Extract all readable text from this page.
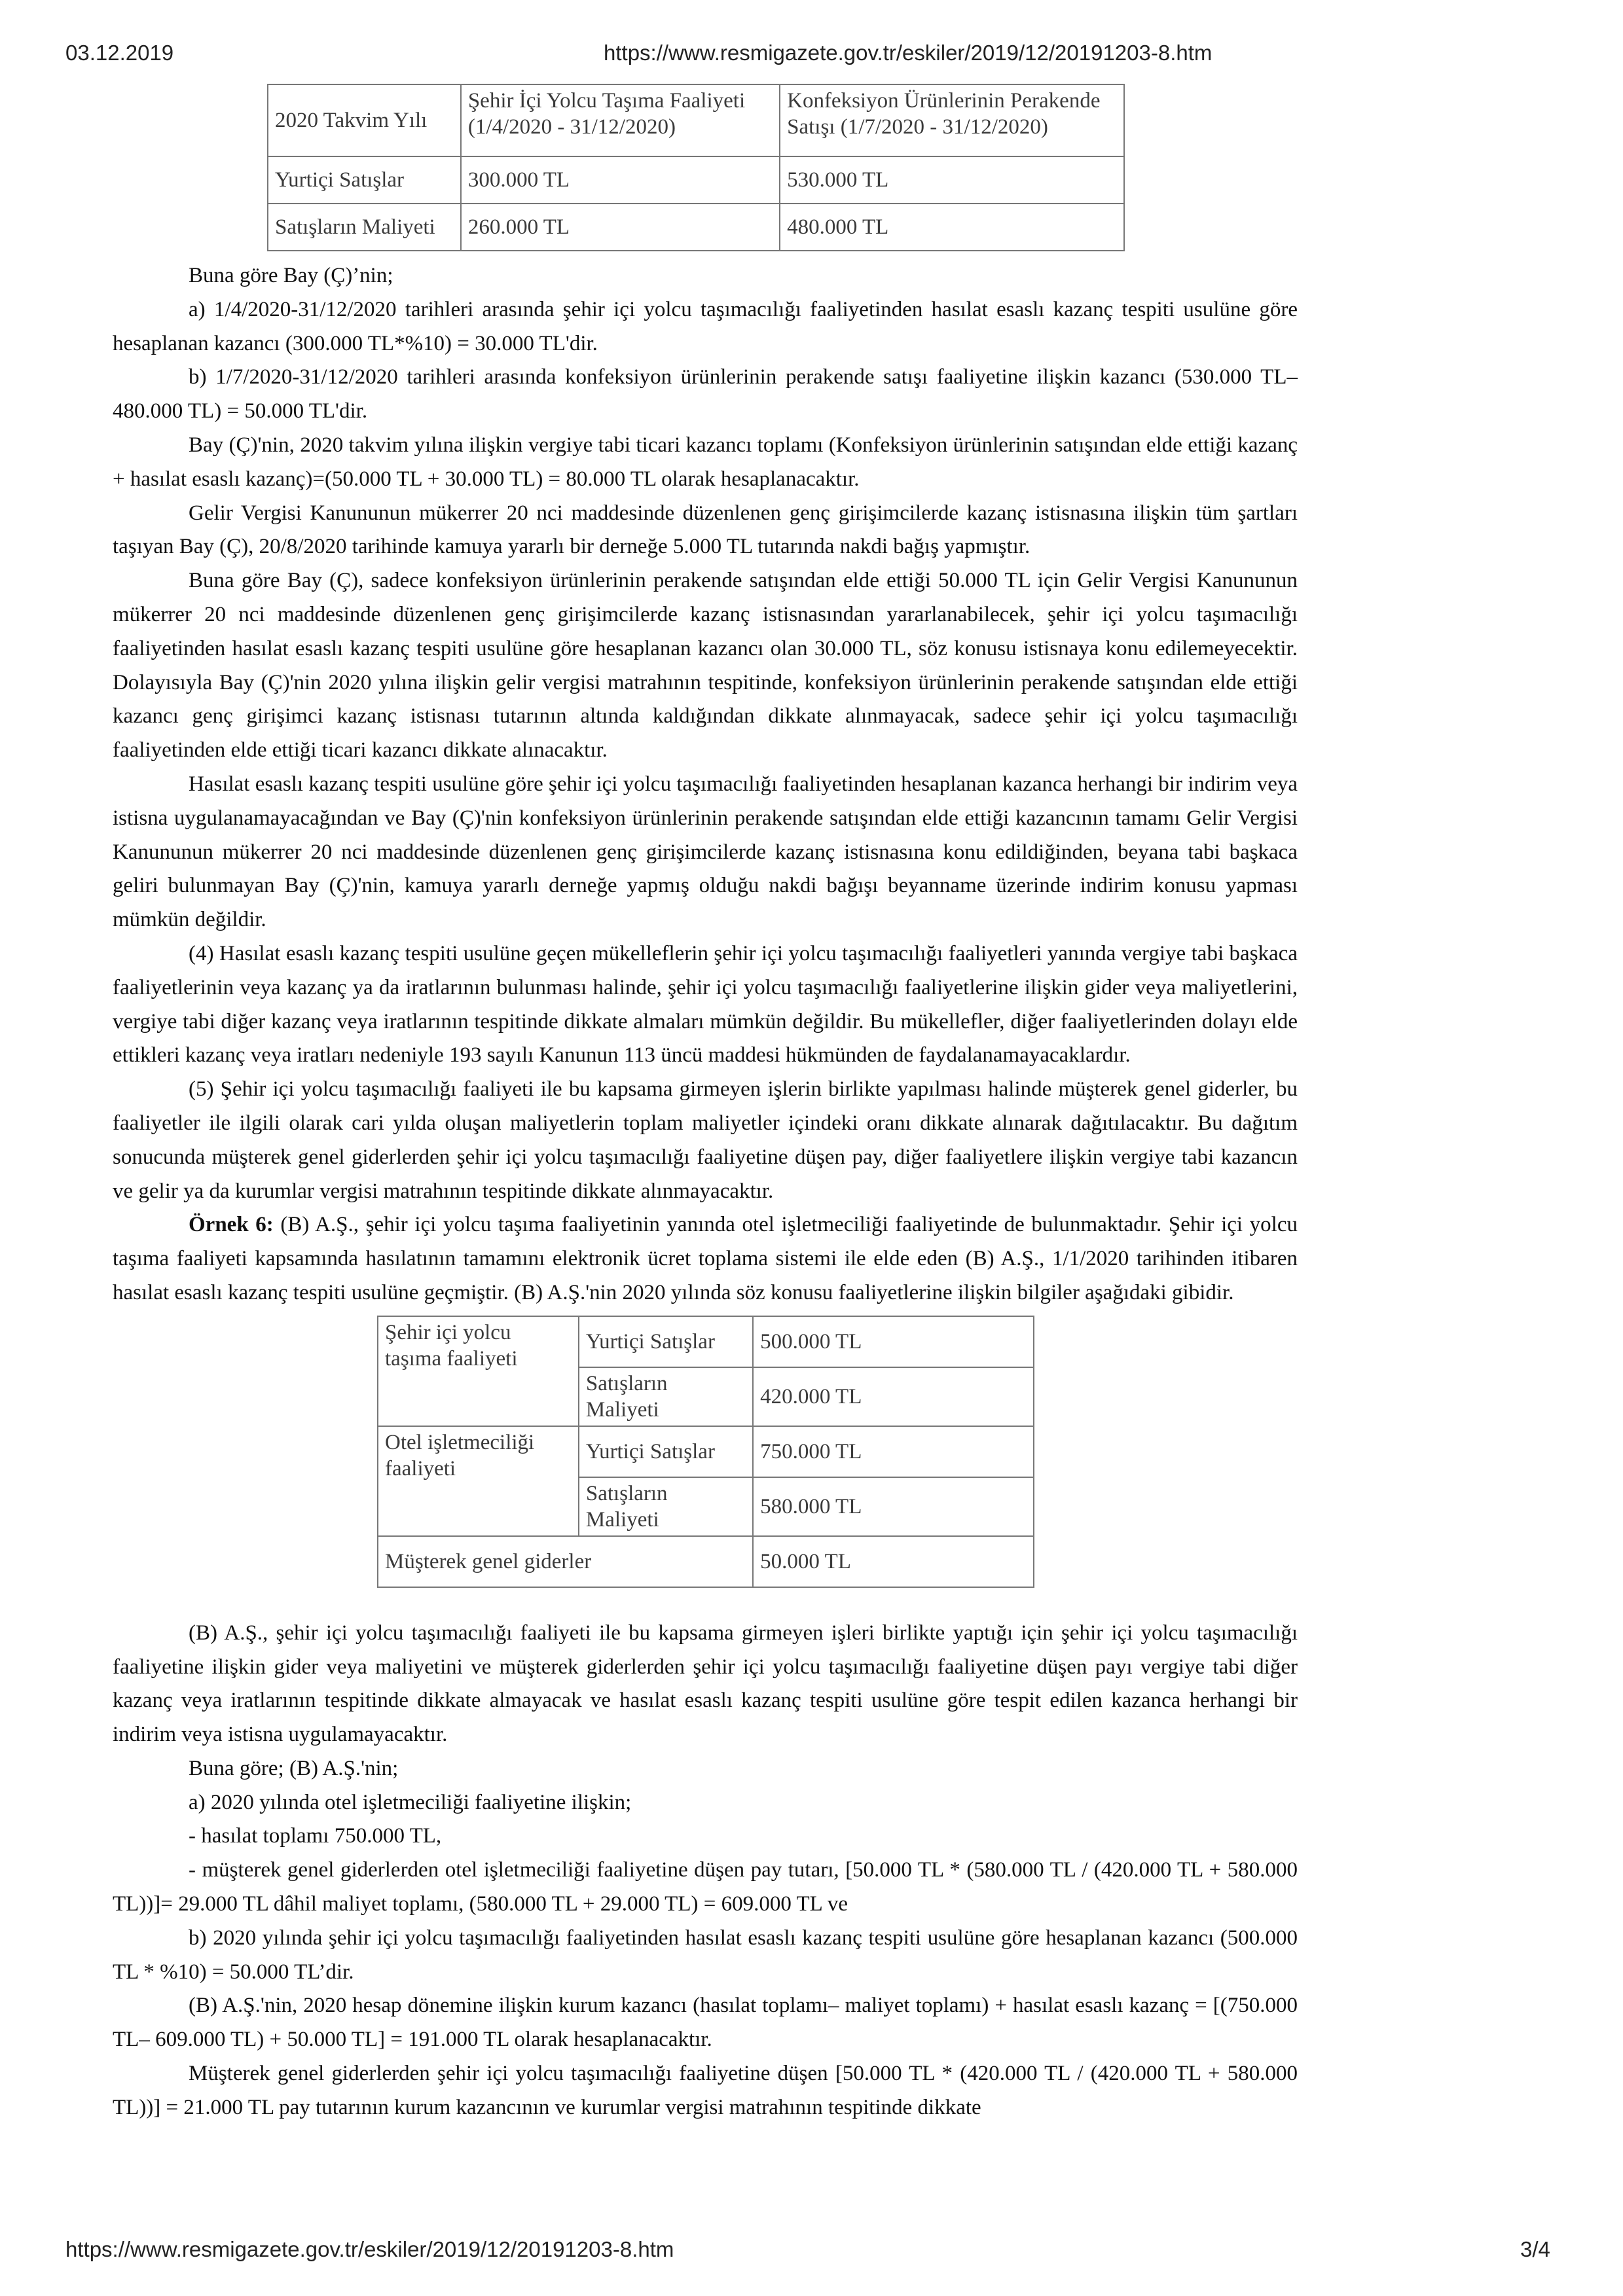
03.12.2019	https://www.resmigazete.gov.tr/eskiler/2019/12/20191203-8.htm
2020 Takvim Yılı	Şehir İçi Yolcu Taşıma Faaliyeti (1/4/2020 - 31/12/2020)	Konfeksiyon Ürünlerinin Perakende Satışı (1/7/2020 - 31/12/2020)
Yurtiçi Satışlar	300.000 TL	530.000 TL
Satışların Maliyeti	260.000 TL	480.000 TL

Buna göre Bay (Ç)’nin;

a) 1/4/2020-31/12/2020 tarihleri arasında şehir içi yolcu taşımacılığı faaliyetinden hasılat esaslı kazanç tespiti usulüne göre hesaplanan kazancı (300.000 TL*%10) = 30.000 TL'dir.

b) 1/7/2020-31/12/2020 tarihleri arasında konfeksiyon ürünlerinin perakende satışı faaliyetine ilişkin kazancı (530.000 TL– 480.000 TL) = 50.000 TL'dir.

Bay (Ç)'nin, 2020 takvim yılına ilişkin vergiye tabi ticari kazancı toplamı (Konfeksiyon ürünlerinin satışından elde ettiği kazanç + hasılat esaslı kazanç)=(50.000 TL + 30.000 TL) = 80.000 TL olarak hesaplanacaktır.

Gelir Vergisi Kanununun mükerrer 20 nci maddesinde düzenlenen genç girişimcilerde kazanç istisnasına ilişkin tüm şartları taşıyan Bay (Ç), 20/8/2020 tarihinde kamuya yararlı bir derneğe 5.000 TL tutarında nakdi bağış yapmıştır.

Buna göre Bay (Ç), sadece konfeksiyon ürünlerinin perakende satışından elde ettiği 50.000 TL için Gelir Vergisi Kanununun mükerrer 20 nci maddesinde düzenlenen genç girişimcilerde kazanç istisnasından yararlanabilecek, şehir içi yolcu taşımacılığı faaliyetinden hasılat esaslı kazanç tespiti usulüne göre hesaplanan kazancı olan 30.000 TL, söz konusu istisnaya konu edilemeyecektir. Dolayısıyla Bay (Ç)'nin 2020 yılına ilişkin gelir vergisi matrahının tespitinde, konfeksiyon ürünlerinin perakende satışından elde ettiği kazancı genç girişimci kazanç istisnası tutarının altında kaldığından dikkate alınmayacak, sadece şehir içi yolcu taşımacılığı faaliyetinden elde ettiği ticari kazancı dikkate alınacaktır.

Hasılat esaslı kazanç tespiti usulüne göre şehir içi yolcu taşımacılığı faaliyetinden hesaplanan kazanca herhangi bir indirim veya istisna uygulanamayacağından ve Bay (Ç)'nin konfeksiyon ürünlerinin perakende satışından elde ettiği kazancının tamamı Gelir Vergisi Kanununun mükerrer 20 nci maddesinde düzenlenen genç girişimcilerde kazanç istisnasına konu edildiğinden, beyana tabi başkaca geliri bulunmayan Bay (Ç)'nin, kamuya yararlı derneğe yapmış olduğu nakdi bağışı beyanname üzerinde indirim konusu yapması mümkün değildir.

(4) Hasılat esaslı kazanç tespiti usulüne geçen mükelleflerin şehir içi yolcu taşımacılığı faaliyetleri yanında vergiye tabi başkaca faaliyetlerinin veya kazanç ya da iratlarının bulunması halinde, şehir içi yolcu taşımacılığı faaliyetlerine ilişkin gider veya maliyetlerini, vergiye tabi diğer kazanç veya iratlarının tespitinde dikkate almaları mümkün değildir. Bu mükellefler, diğer faaliyetlerinden dolayı elde ettikleri kazanç veya iratları nedeniyle 193 sayılı Kanunun 113 üncü maddesi hükmünden de faydalanamayacaklardır.

(5) Şehir içi yolcu taşımacılığı faaliyeti ile bu kapsama girmeyen işlerin birlikte yapılması halinde müşterek genel giderler, bu faaliyetler ile ilgili olarak cari yılda oluşan maliyetlerin toplam maliyetler içindeki oranı dikkate alınarak dağıtılacaktır. Bu dağıtım sonucunda müşterek genel giderlerden şehir içi yolcu taşımacılığı faaliyetine düşen pay, diğer faaliyetlere ilişkin vergiye tabi kazancın ve gelir ya da kurumlar vergisi matrahının tespitinde dikkate alınmayacaktır.

Örnek 6: (B) A.Ş., şehir içi yolcu taşıma faaliyetinin yanında otel işletmeciliği faaliyetinde de bulunmaktadır. Şehir içi yolcu taşıma faaliyeti kapsamında hasılatının tamamını elektronik ücret toplama sistemi ile elde eden (B) A.Ş., 1/1/2020 tarihinden itibaren hasılat esaslı kazanç tespiti usulüne geçmiştir. (B) A.Ş.'nin 2020 yılında söz konusu faaliyetlerine ilişkin bilgiler aşağıdaki gibidir.

Şehir içi yolcu taşıma faaliyeti	Yurtiçi Satışlar	500.000 TL
	Satışların Maliyeti	420.000 TL
Otel işletmeciliği faaliyeti	Yurtiçi Satışlar	750.000 TL
	Satışların Maliyeti	580.000 TL
Müşterek genel giderler		50.000 TL

(B) A.Ş., şehir içi yolcu taşımacılığı faaliyeti ile bu kapsama girmeyen işleri birlikte yaptığı için şehir içi yolcu taşımacılığı faaliyetine ilişkin gider veya maliyetini ve müşterek giderlerden şehir içi yolcu taşımacılığı faaliyetine düşen payı vergiye tabi diğer kazanç veya iratlarının tespitinde dikkate almayacak ve hasılat esaslı kazanç tespiti usulüne göre tespit edilen kazanca herhangi bir indirim veya istisna uygulamayacaktır.

Buna göre; (B) A.Ş.'nin;

a) 2020 yılında otel işletmeciliği faaliyetine ilişkin;

- hasılat toplamı 750.000 TL,

- müşterek genel giderlerden otel işletmeciliği faaliyetine düşen pay tutarı, [50.000 TL * (580.000 TL / (420.000 TL + 580.000 TL))]= 29.000 TL dâhil maliyet toplamı, (580.000 TL + 29.000 TL) = 609.000 TL ve

b) 2020 yılında şehir içi yolcu taşımacılığı faaliyetinden hasılat esaslı kazanç tespiti usulüne göre hesaplanan kazancı (500.000 TL * %10) = 50.000 TL’dir.

(B) A.Ş.'nin, 2020 hesap dönemine ilişkin kurum kazancı (hasılat toplamı– maliyet toplamı) + hasılat esaslı kazanç = [(750.000 TL– 609.000 TL) + 50.000 TL] = 191.000 TL olarak hesaplanacaktır.

Müşterek genel giderlerden şehir içi yolcu taşımacılığı faaliyetine düşen [50.000 TL * (420.000 TL / (420.000 TL + 580.000 TL))] = 21.000 TL pay tutarının kurum kazancının ve kurumlar vergisi matrahının tespitinde dikkate

https://www.resmigazete.gov.tr/eskiler/2019/12/20191203-8.htm	3/4
